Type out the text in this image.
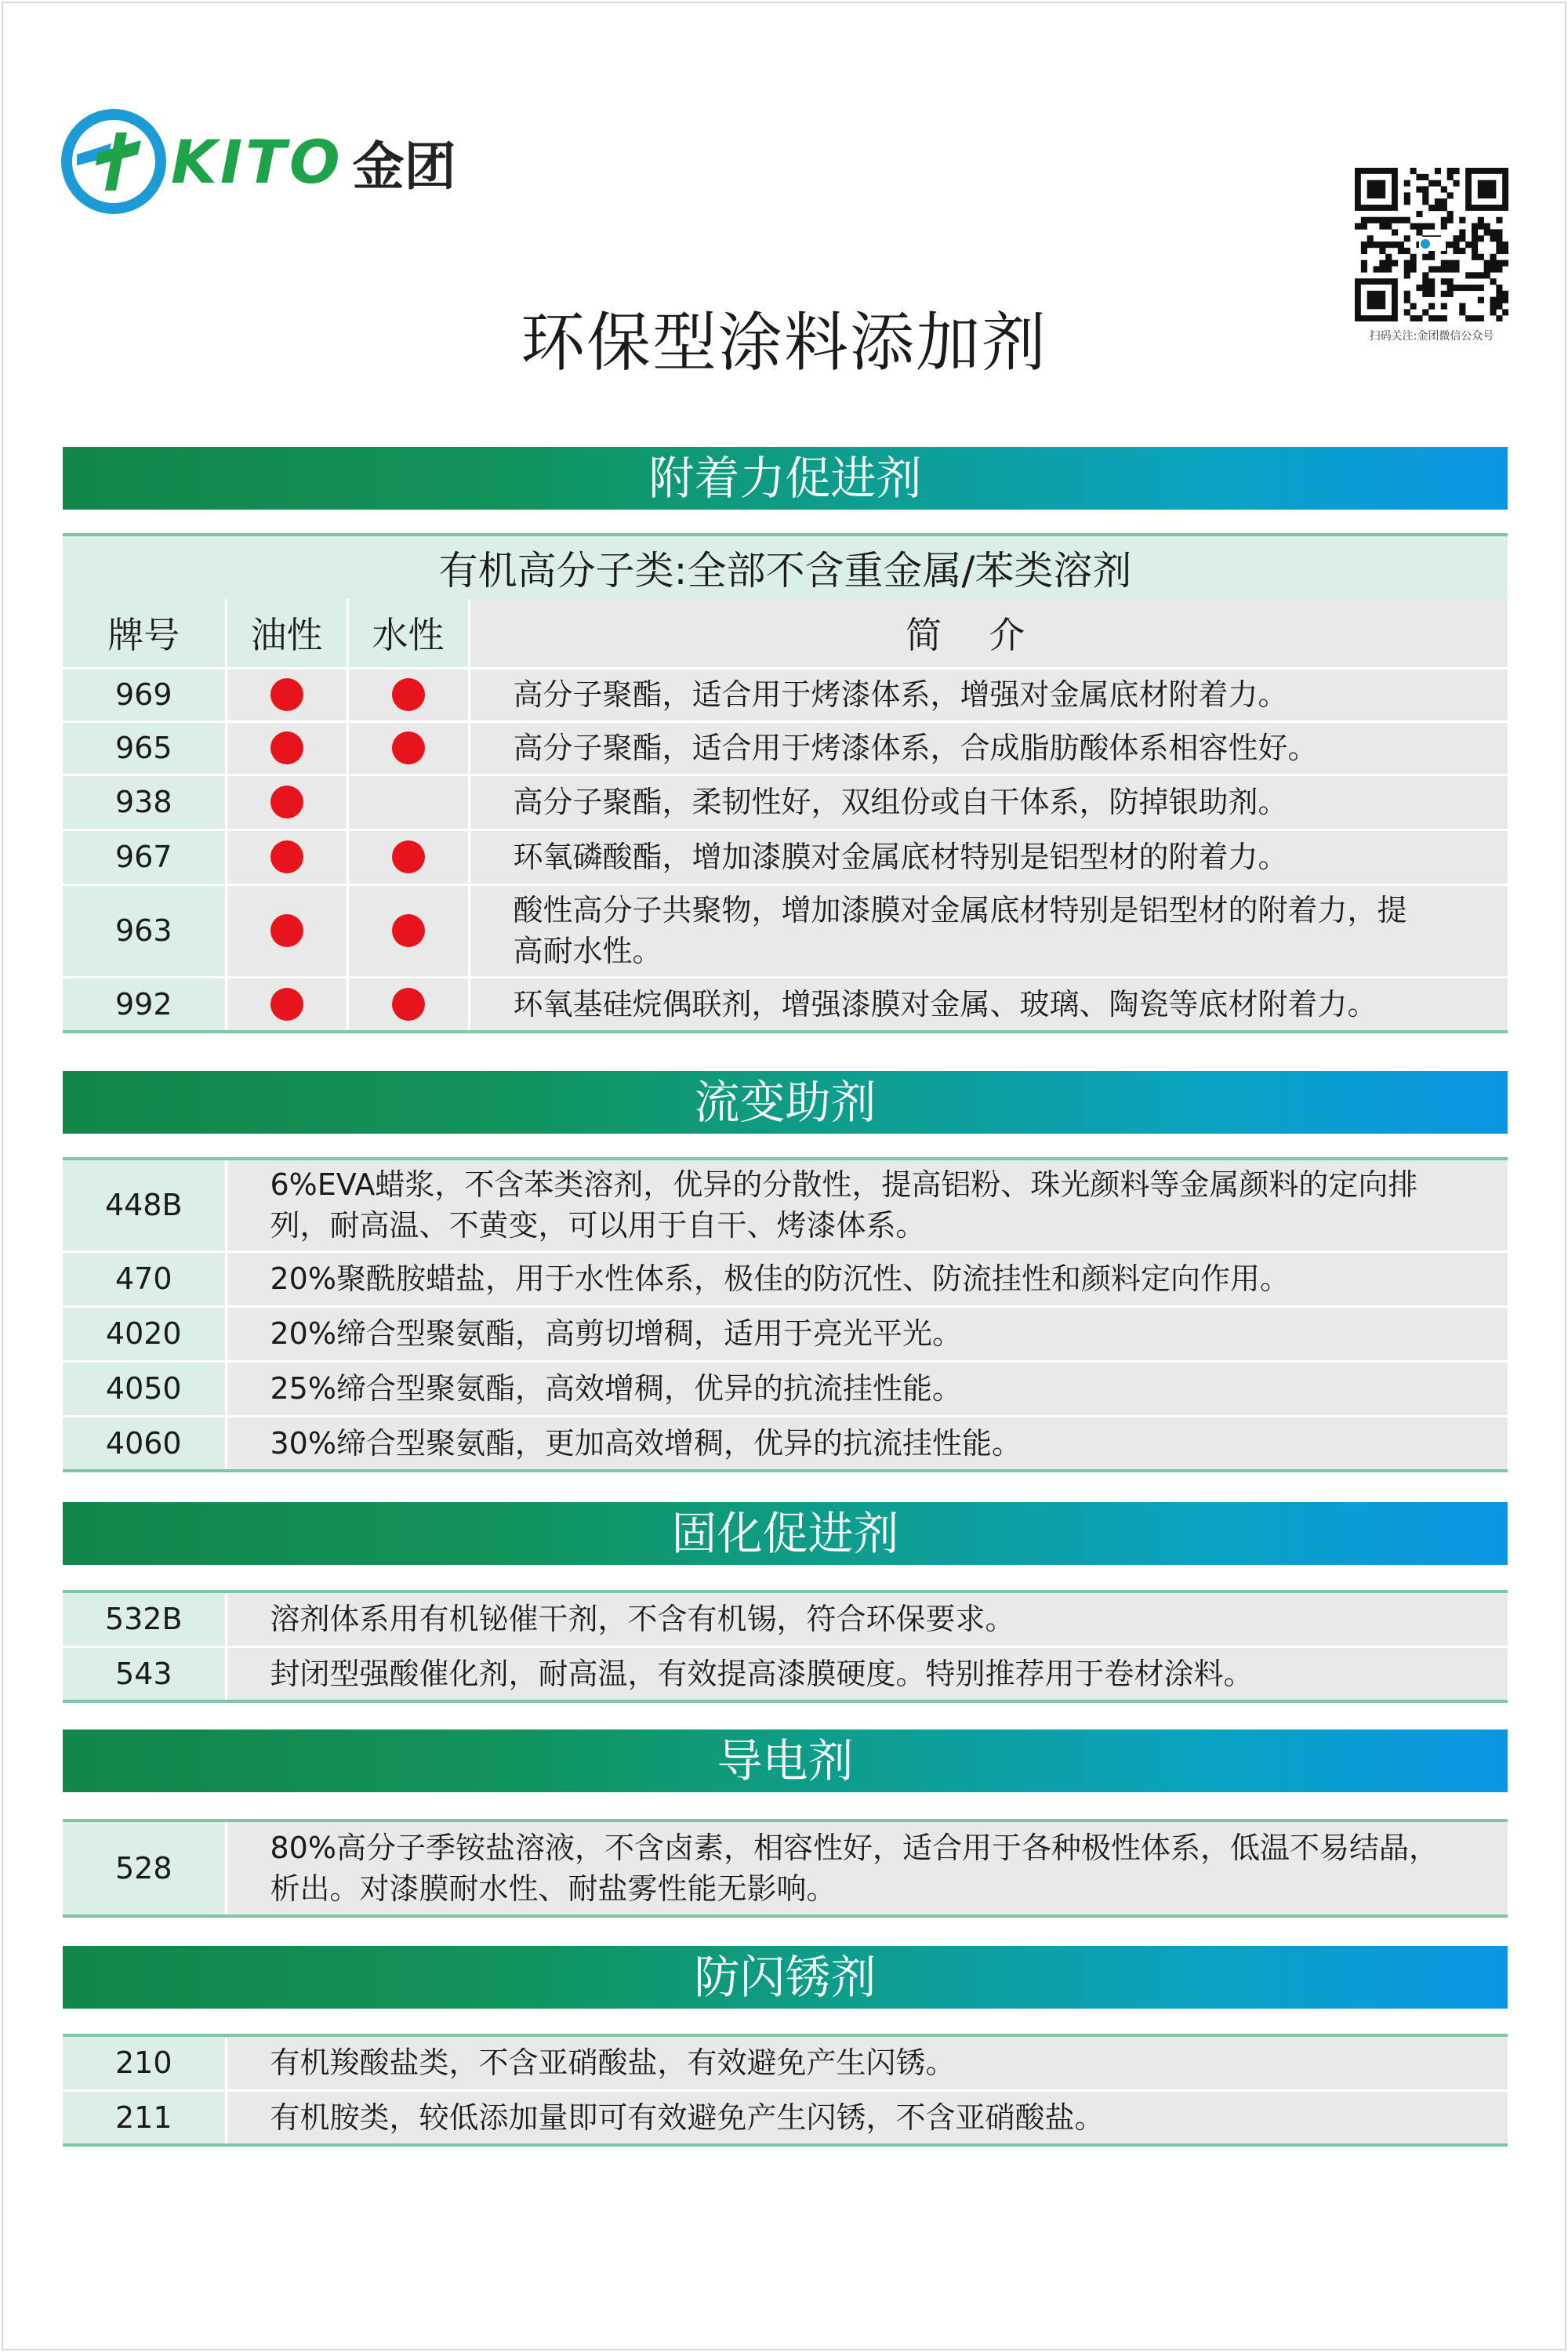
KITO 金团
扫码关注:金团微信公众号
环保型涂料添加剂
附着力促进剂
有机高分子类:全部不含重金属/苯类溶剂			
牌号	油性	水性	简介
969			高分子聚酯，适合用于烤漆体系，增强对金属底材附着力。
965			高分子聚酯，适合用于烤漆体系，合成脂肪酸体系相容性好。
938			高分子聚酯，柔韧性好，双组份或自干体系，防掉银助剂。
967			环氧磷酸酯，增加漆膜对金属底材特别是铝型材的附着力。
963			酸性高分子共聚物，增加漆膜对金属底材特别是铝型材的附着力，提高耐水性。
992			环氧基硅烷偶联剂，增强漆膜对金属、玻璃、陶瓷等底材附着力。
流变助剂
448B	6%EVA蜡浆，不含苯类溶剂，优异的分散性，提高铝粉、珠光颜料等金属颜料的定向排列，耐高温、不黄变，可以用于自干、烤漆体系。
470	20%聚酰胺蜡盐，用于水性体系，极佳的防沉性、防流挂性和颜料定向作用。
4020	20%缔合型聚氨酯，高剪切增稠，适用于亮光平光。
4050	25%缔合型聚氨酯，高效增稠，优异的抗流挂性能。
4060	30%缔合型聚氨酯，更加高效增稠，优异的抗流挂性能。
固化促进剂
532B	溶剂体系用有机铋催干剂，不含有机锡，符合环保要求。
543	封闭型强酸催化剂，耐高温，有效提高漆膜硬度。特别推荐用于卷材涂料。
导电剂
528	80%高分子季铵盐溶液，不含卤素，相容性好，适合用于各种极性体系，低温不易结晶，析出。对漆膜耐水性、耐盐雾性能无影响。
防闪锈剂
210	有机羧酸盐类，不含亚硝酸盐，有效避免产生闪锈。
211	有机胺类，较低添加量即可有效避免产生闪锈，不含亚硝酸盐。
